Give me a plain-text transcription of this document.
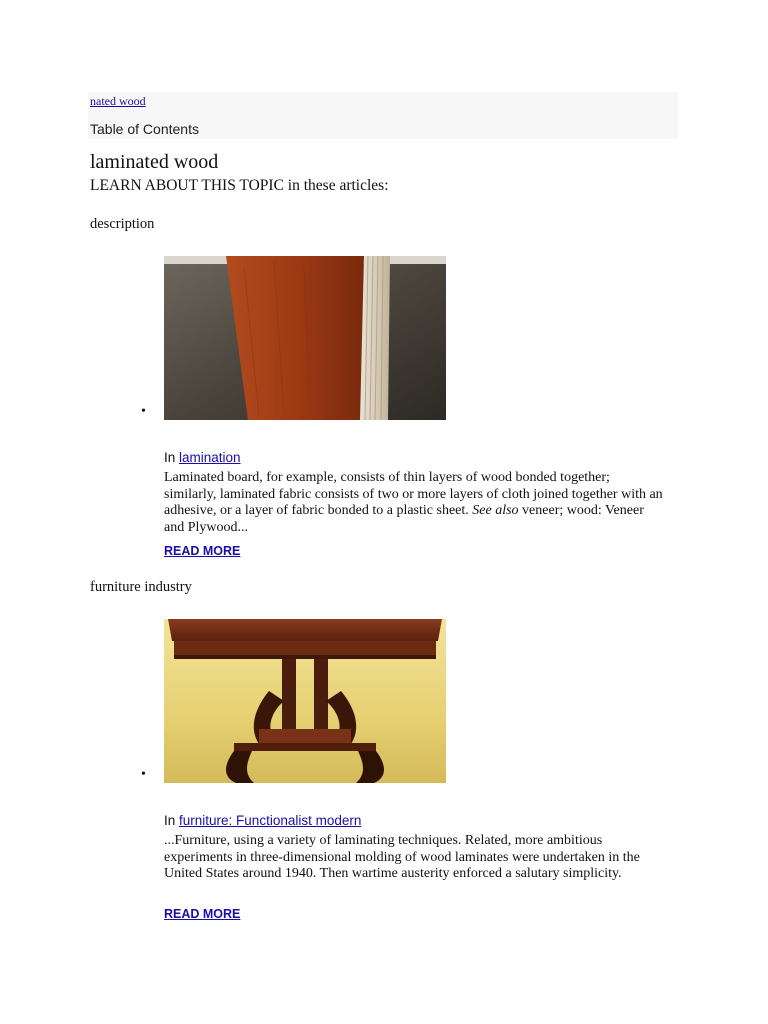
nated wood
Table of Contents
laminated wood
LEARN ABOUT THIS TOPIC in these articles:
description
•
In lamination

Laminated board, for example, consists of thin layers of wood bonded together; similarly, laminated fabric consists of two or more layers of cloth joined together with an adhesive, or a layer of fabric bonded to a plastic sheet. See also veneer; wood: Veneer and Plywood...

READ MORE
furniture industry
•
In furniture: Functionalist modern

...Furniture, using a variety of laminating techniques. Related, more ambitious experiments in three-dimensional molding of wood laminates were undertaken in the United States around 1940. Then wartime austerity enforced a salutary simplicity.

READ MORE
